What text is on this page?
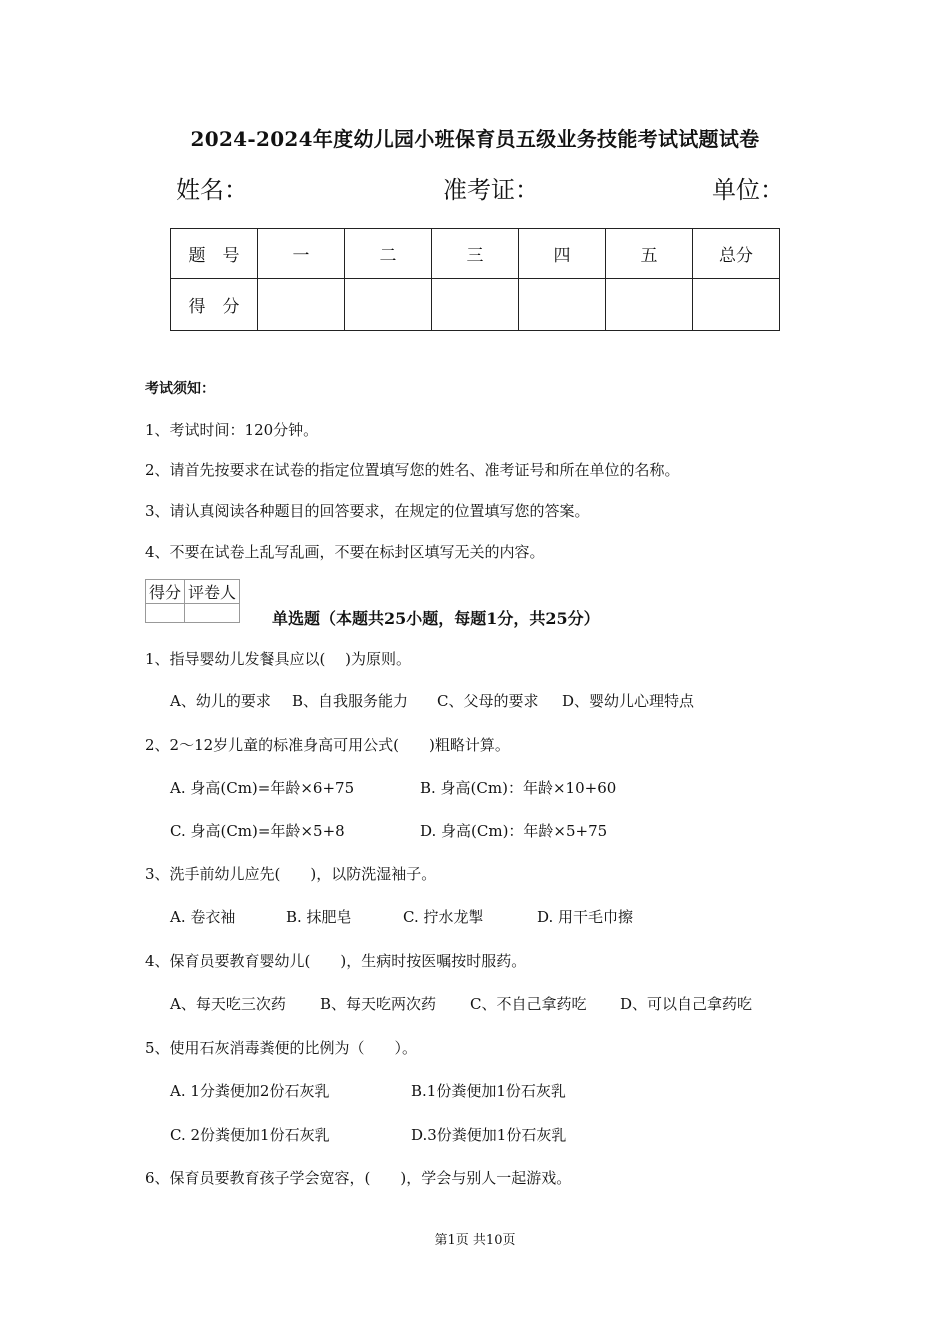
2024-2024年度幼儿园小班保育员五级业务技能考试试题试卷
姓名：	准考证：	单位：
题　号	一	二	三	四	五	总分
得　分						
考试须知：
1、考试时间：120分钟。
2、请首先按要求在试卷的指定位置填写您的姓名、准考证号和所在单位的名称。
3、请认真阅读各种题目的回答要求，在规定的位置填写您的答案。
4、不要在试卷上乱写乱画，不要在标封区填写无关的内容。
得分	评卷人

单选题（本题共25小题，每题1分，共25分）
1、指导婴幼儿发餐具应以(　 )为原则。
A、幼儿的要求 B、自我服务能力 C、父母的要求 D、婴幼儿心理特点
2、2～12岁儿童的标准身高可用公式(　　)粗略计算。
A. 身高(Cm)=年龄×6+75	B. 身高(Cm)：年龄×10+60
C. 身高(Cm)=年龄×5+8	D. 身高(Cm)：年龄×5+75
3、洗手前幼儿应先(　　)，以防洗湿袖子。
A. 卷衣袖	B. 抹肥皂	C. 拧水龙掣	D. 用干毛巾擦
4、保育员要教育婴幼儿(　　)，生病时按医嘱按时服药。
A、每天吃三次药 B、每天吃两次药 C、不自己拿药吃 D、可以自己拿药吃
5、使用石灰消毒粪便的比例为（　　）。
A. 1分粪便加2份石灰乳	B.1份粪便加1份石灰乳
C. 2份粪便加1份石灰乳	D.3份粪便加1份石灰乳
6、保育员要教育孩子学会宽容，(　　)，学会与别人一起游戏。
第1页 共10页
